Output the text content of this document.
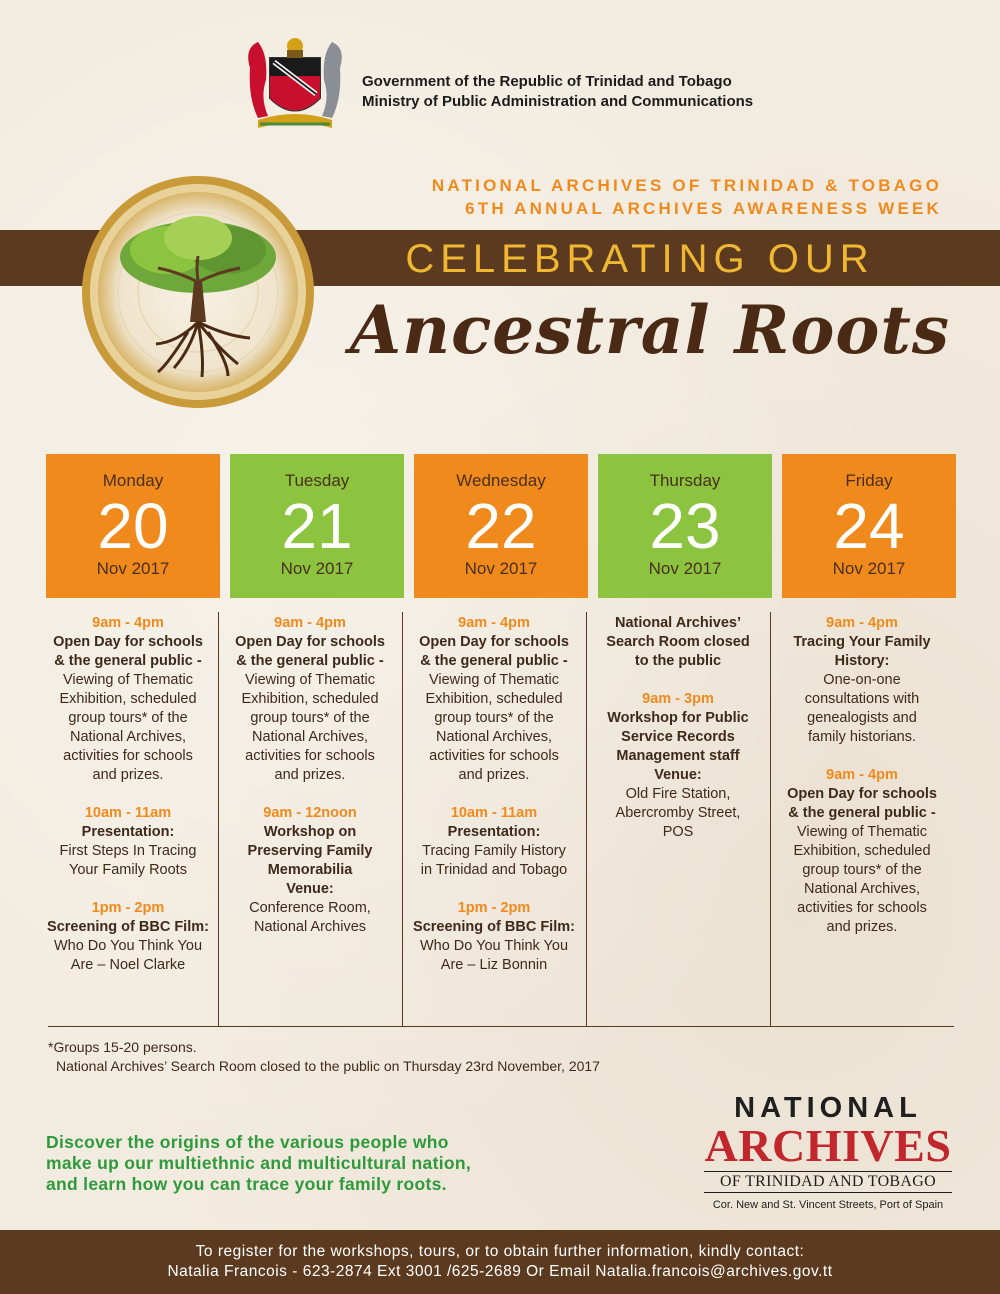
Government of the Republic of Trinidad and Tobago
Ministry of Public Administration and Communications
NATIONAL ARCHIVES OF TRINIDAD & TOBAGO
6TH ANNUAL ARCHIVES AWARENESS WEEK
CELEBRATING OUR
Ancestral Roots
Monday
20
Nov 2017
Tuesday
21
Nov 2017
Wednesday
22
Nov 2017
Thursday
23
Nov 2017
Friday
24
Nov 2017
9am - 4pm
Open Day for schools
& the general public -
Viewing of Thematic
Exhibition, scheduled
group tours* of the
National Archives,
activities for schools
and prizes.
10am - 11am
Presentation:
First Steps In Tracing
Your Family Roots
1pm - 2pm
Screening of BBC Film:
Who Do You Think You
Are – Noel Clarke
9am - 4pm
Open Day for schools
& the general public -
Viewing of Thematic
Exhibition, scheduled
group tours* of the
National Archives,
activities for schools
and prizes.
9am - 12noon
Workshop on
Preserving Family
Memorabilia
Venue:
Conference Room,
National Archives
9am - 4pm
Open Day for schools
& the general public -
Viewing of Thematic
Exhibition, scheduled
group tours* of the
National Archives,
activities for schools
and prizes.
10am - 11am
Presentation:
Tracing Family History
in Trinidad and Tobago
1pm - 2pm
Screening of BBC Film:
Who Do You Think You
Are – Liz Bonnin
National Archives’
Search Room closed
to the public
9am - 3pm
Workshop for Public
Service Records
Management staff
Venue:
Old Fire Station,
Abercromby Street,
POS
9am - 4pm
Tracing Your Family
History:
One-on-one
consultations with
genealogists and
family historians.
9am - 4pm
Open Day for schools
& the general public -
Viewing of Thematic
Exhibition, scheduled
group tours* of the
National Archives,
activities for schools
and prizes.
*Groups 15-20 persons.
National Archives’ Search Room closed to the public on Thursday 23rd November, 2017
Discover the origins of the various people who
make up our multiethnic and multicultural nation,
and learn how you can trace your family roots.
NATIONAL
ARCHIVES
OF TRINIDAD AND TOBAGO
Cor. New and St. Vincent Streets, Port of Spain
To register for the workshops, tours, or to obtain further information, kindly contact:
Natalia Francois - 623-2874 Ext 3001 /625-2689 Or Email Natalia.francois@archives.gov.tt
